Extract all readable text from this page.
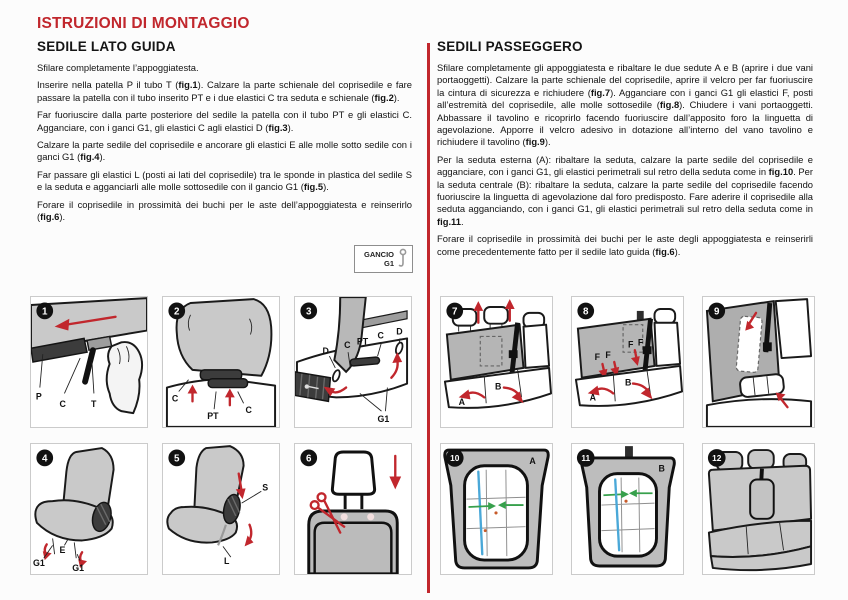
ISTRUZIONI DI MONTAGGIO
SEDILE LATO GUIDA

Sfilare completamente l’appoggiatesta.

Inserire nella patella P il tubo T (fig.1). Calzare la parte schienale del coprisedile e fare passare la patella con il tubo inserito PT e i due elastici C tra seduta e schienale (fig.2).

Far fuoriuscire dalla parte posteriore del sedile la patella con il tubo PT e gli elastici C. Agganciare, con i ganci G1, gli elastici C agli elastici D (fig.3).

Calzare la parte sedile del coprisedile e ancorare gli elastici E alle molle sotto sedile con i ganci G1 (fig.4).

Far passare gli elastici L (posti ai lati del coprisedile) tra le sponde in plastica del sedile S e la seduta e agganciarli alle molle sottosedile con il gancio G1 (fig.5).

Forare il coprisedile in prossimità dei buchi per le aste dell’appoggiatesta e reinserirlo (fig.6).

SEDILI PASSEGGERO

Sfilare completamente gli appoggiatesta e ribaltare le due sedute A e B (aprire i due vani portaoggetti). Calzare la parte schienale del coprisedile, aprire il velcro per far fuoriuscire la cintura di sicurezza e richiudere (fig.7). Agganciare con i ganci G1 gli elastici F, posti all’estremità del coprisedile, alle molle sottosedile (fig.8). Chiudere i vani portaoggetti. Abbassare il tavolino e ricoprirlo facendo fuoriuscire dall’apposito foro la linguetta di agevolazione. Apporre il velcro adesivo in dotazione all’interno del vano tavolino e richiudere il tavolino (fig.9).

Per la seduta esterna (A): ribaltare la seduta, calzare la parte sedile del coprisedile e agganciare, con i ganci G1, gli elastici perimetrali sul retro della seduta come in fig.10. Per la seduta centrale (B): ribaltare la seduta, calzare la parte sedile del coprisedile facendo fuoriuscire la linguetta di agevolazione dal foro predisposto. Fare aderire il coprisedile alla seduta agganciando, con i ganci G1, gli elastici perimetrali sul retro della seduta come in fig.11.

Forare il coprisedile in prossimità dei buchi per le aste degli appoggiatesta e reinserirli come precedentemente fatto per il sedile lato guida (fig.6).

GANCIO
G1
P
C	T
1
C
PT
C
2
D
C PT
C D
G1
3
G1
E
G1
4
S
L
5	6
A
B
7
F F
F F
A
B
8	9
A
10
B
11	12
